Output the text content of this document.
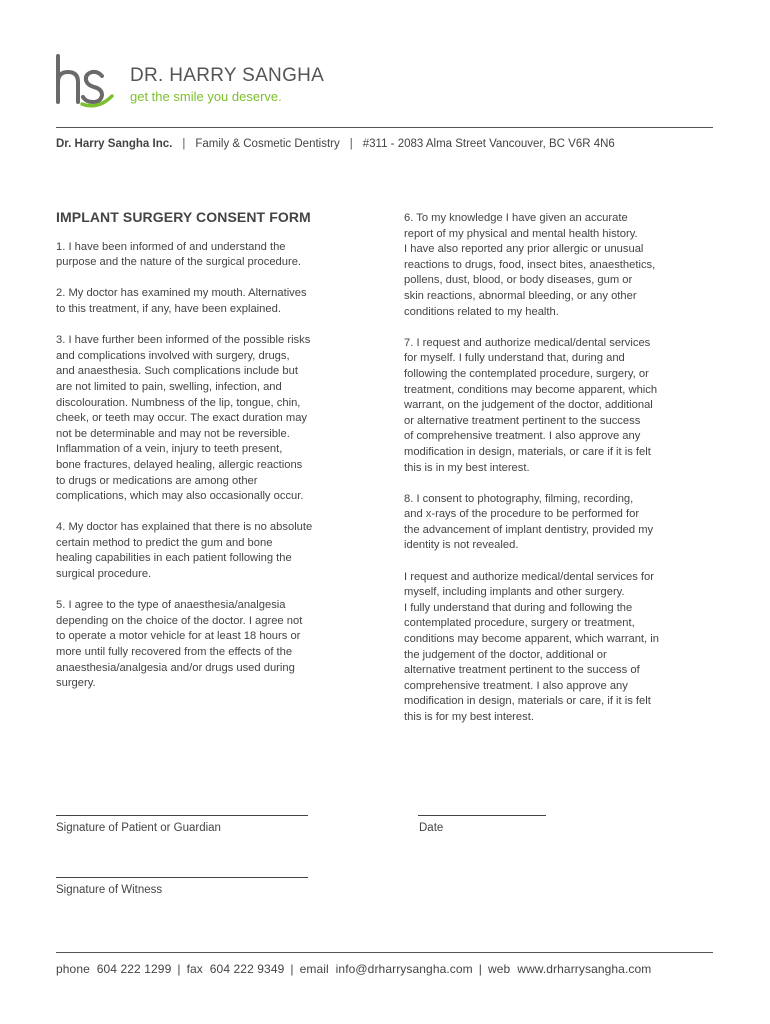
DR. HARRY SANGHA
get the smile you deserve.
Dr. Harry Sangha Inc. | Family & Cosmetic Dentistry | #311 - 2083 Alma Street Vancouver, BC V6R 4N6
IMPLANT SURGERY CONSENT FORM

1. I have been informed of and understand the
purpose and the nature of the surgical procedure.

2. My doctor has examined my mouth. Alternatives
to this treatment, if any, have been explained.

3. I have further been informed of the possible risks
and complications involved with surgery, drugs,
and anaesthesia. Such complications include but
are not limited to pain, swelling, infection, and
discolouration. Numbness of the lip, tongue, chin,
cheek, or teeth may occur. The exact duration may
not be determinable and may not be reversible.
Inflammation of a vein, injury to teeth present,
bone fractures, delayed healing, allergic reactions
to drugs or medications are among other
complications, which may also occasionally occur.

4. My doctor has explained that there is no absolute
certain method to predict the gum and bone
healing capabilities in each patient following the
surgical procedure.

5. I agree to the type of anaesthesia/analgesia
depending on the choice of the doctor. I agree not
to operate a motor vehicle for at least 18 hours or
more until fully recovered from the effects of the
anaesthesia/analgesia and/or drugs used during
surgery.

6. To my knowledge I have given an accurate
report of my physical and mental health history.
I have also reported any prior allergic or unusual
reactions to drugs, food, insect bites, anaesthetics,
pollens, dust, blood, or body diseases, gum or
skin reactions, abnormal bleeding, or any other
conditions related to my health.

7. I request and authorize medical/dental services
for myself. I fully understand that, during and
following the contemplated procedure, surgery, or
treatment, conditions may become apparent, which
warrant, on the judgement of the doctor, additional
or alternative treatment pertinent to the success
of comprehensive treatment. I also approve any
modification in design, materials, or care if it is felt
this is in my best interest.

8. I consent to photography, filming, recording,
and x-rays of the procedure to be performed for
the advancement of implant dentistry, provided my
identity is not revealed.

I request and authorize medical/dental services for
myself, including implants and other surgery.
I fully understand that during and following the
contemplated procedure, surgery or treatment,
conditions may become apparent, which warrant, in
the judgement of the doctor, additional or
alternative treatment pertinent to the success of
comprehensive treatment. I also approve any
modification in design, materials or care, if it is felt
this is for my best interest.

Signature of Patient or Guardian	Date
Signature of Witness
phone 604 222 1299 | fax 604 222 9349 | email info@drharrysangha.com | web www.drharrysangha.com
